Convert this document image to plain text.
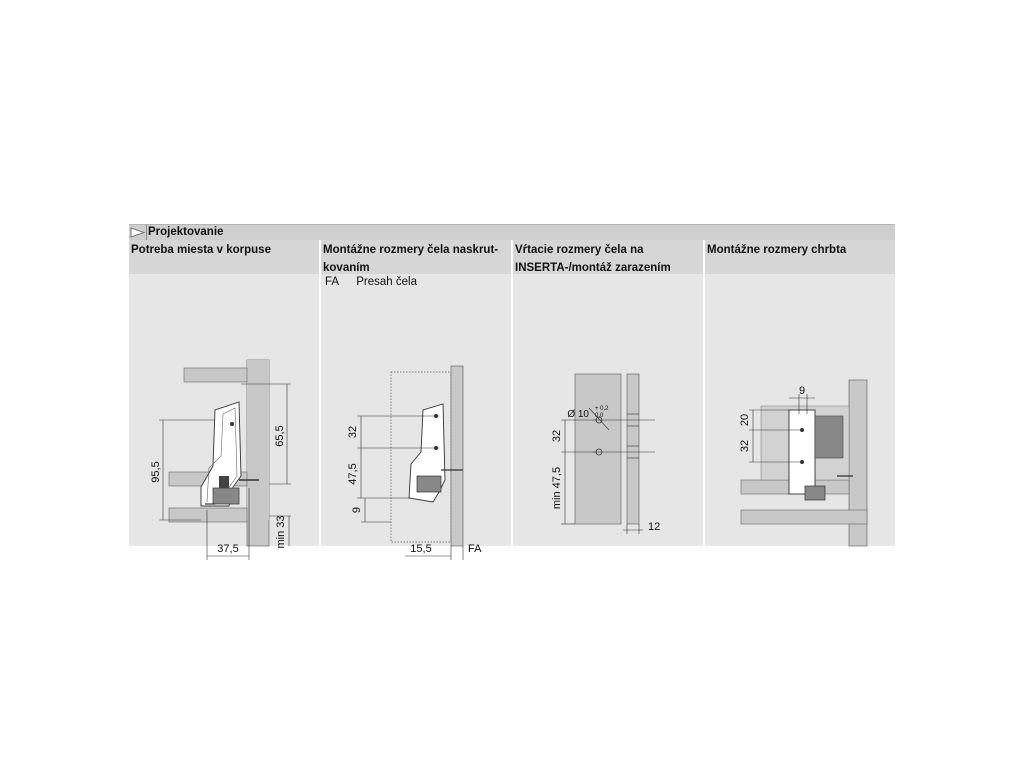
Projektovanie
Potreba miesta v korpuse
95,5
65,5
min 33
37,5
Montážne rozmery čela naskrut-kovaním
FA Presah čela
32
47,5
9
15,5	FA
Vŕtacie rozmery čela na INSERTA-/montáž zarazením
Ø 10 + 0,2
0,0
32
min 47,5
12
Montážne rozmery chrbta
9
20
32
